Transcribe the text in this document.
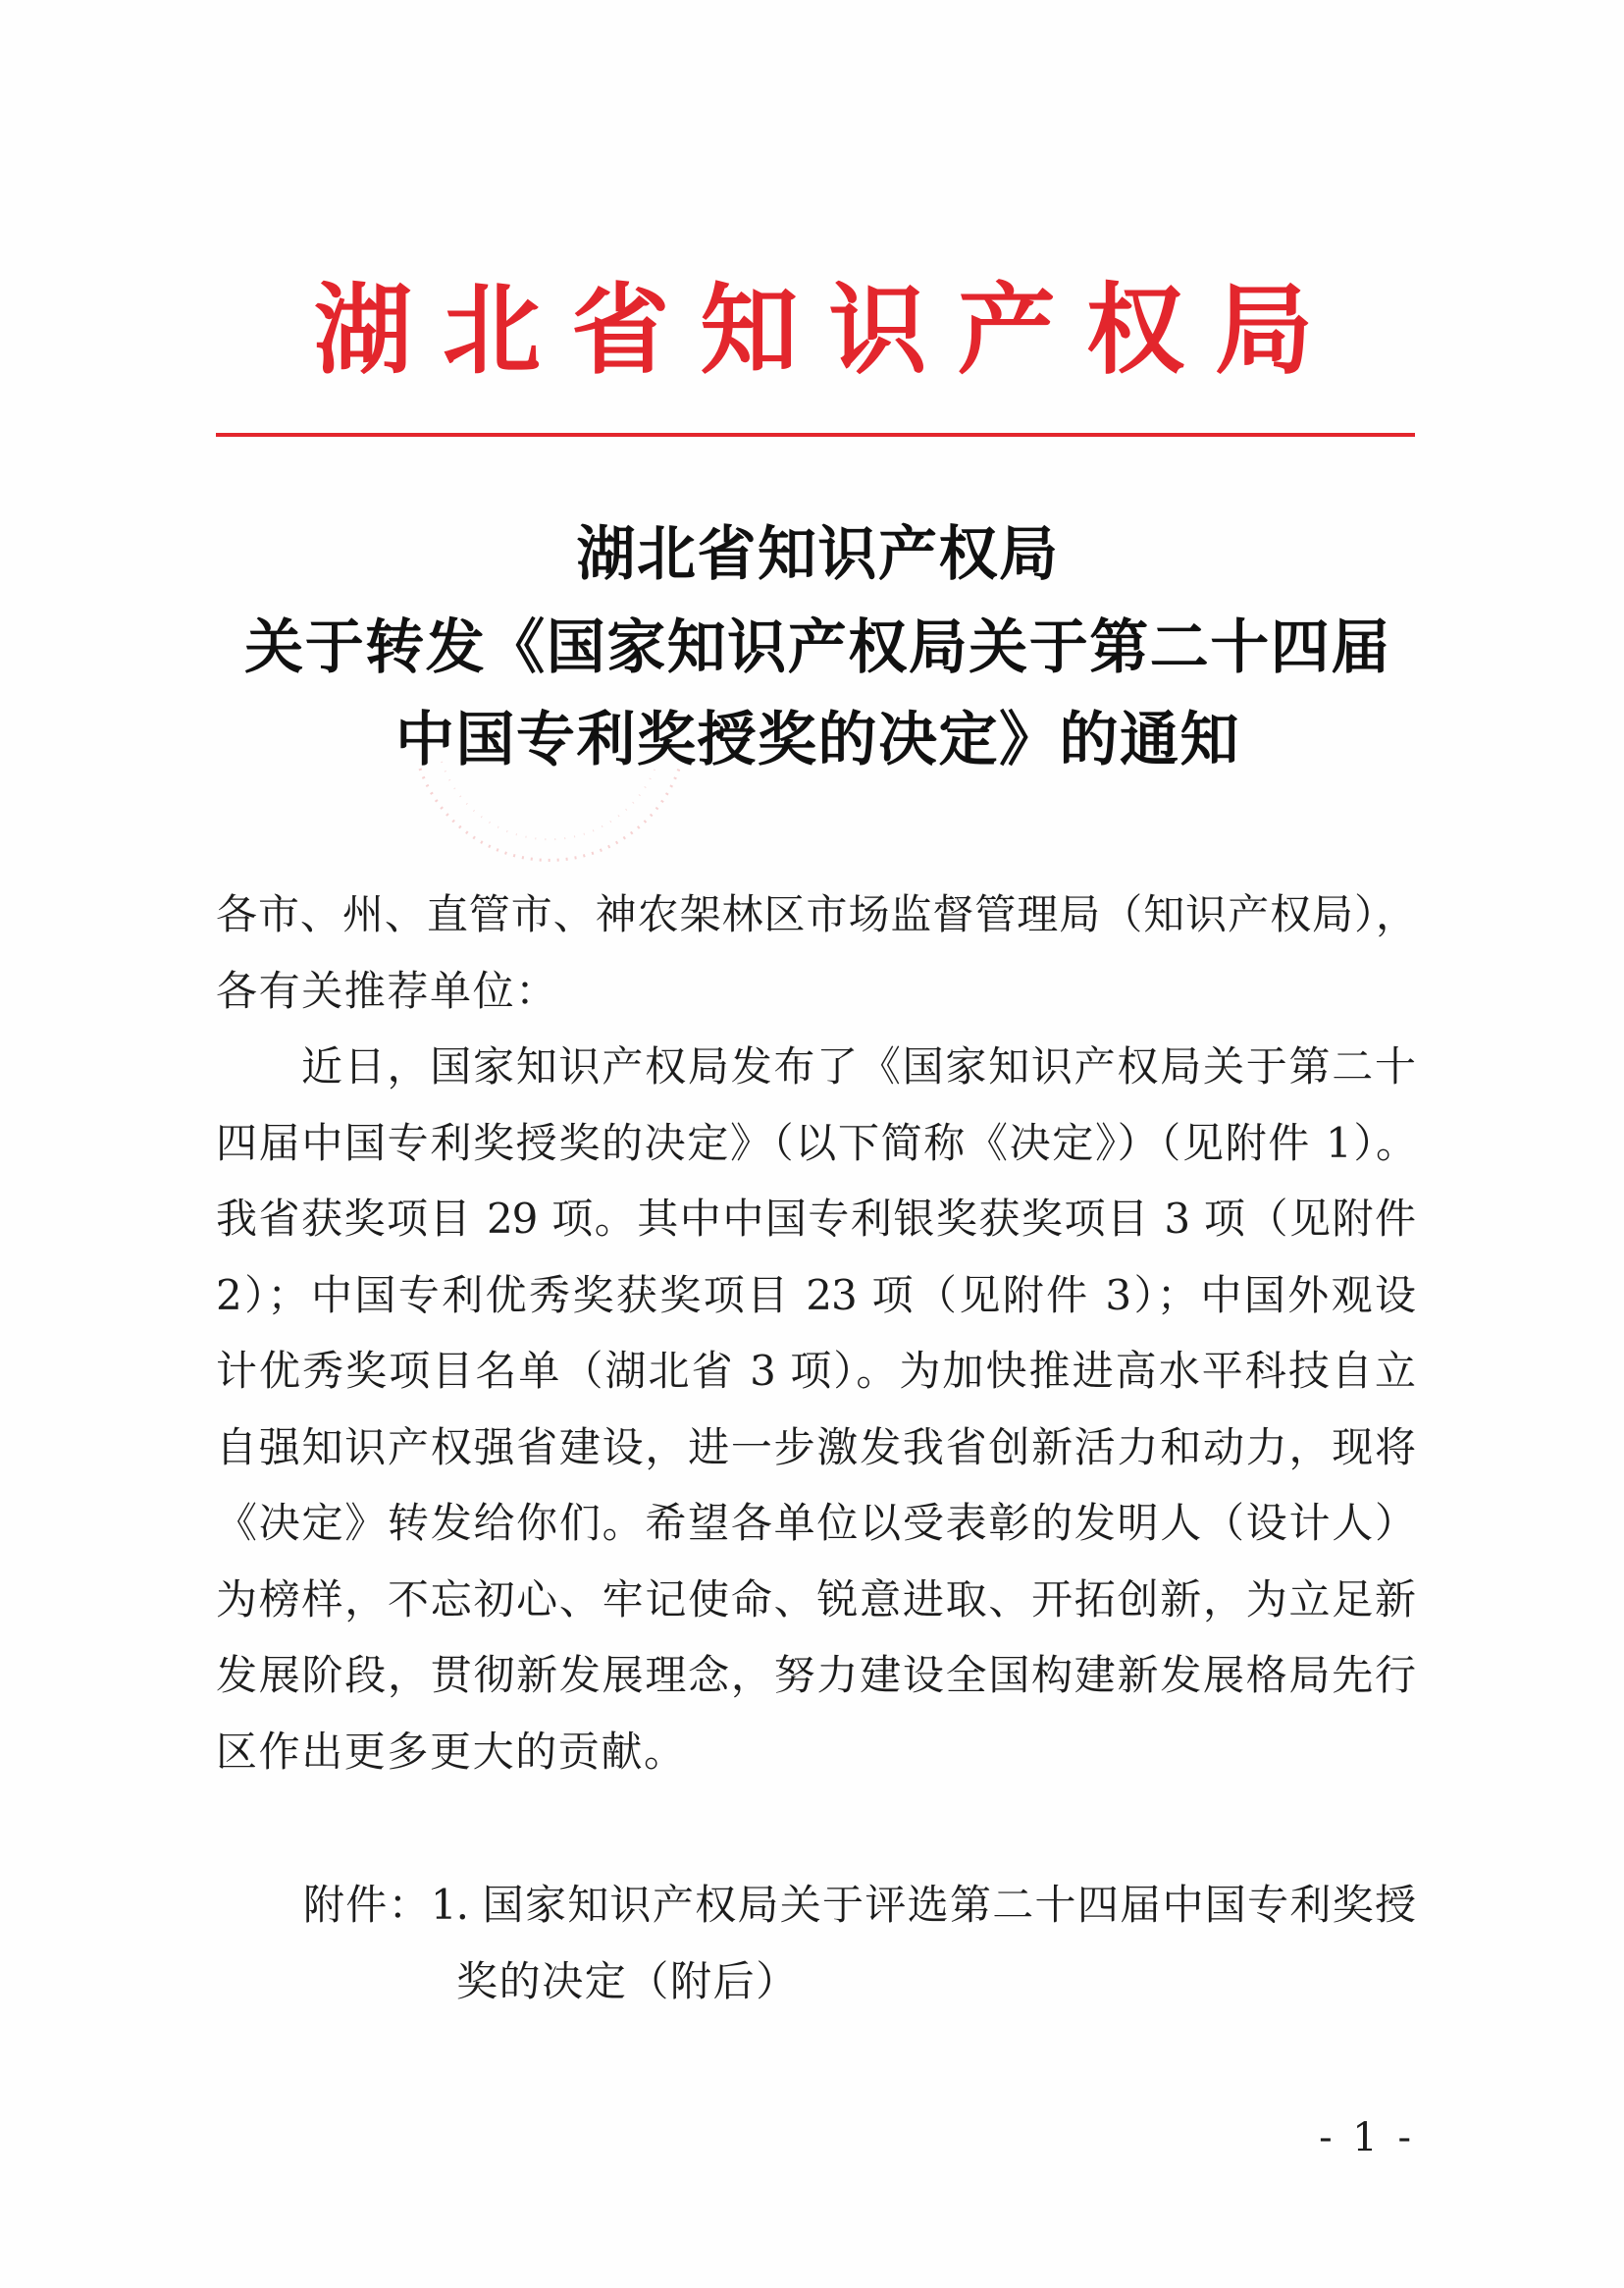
湖北省知识产权局
湖北省知识产权局
关于转发《国家知识产权局关于第二十四届
中国专利奖授奖的决定》的通知
各市、州、直管市、神农架林区市场监督管理局（知识产权局），
各有关推荐单位：
近日，国家知识产权局发布了《国家知识产权局关于第二十
四届中国专利奖授奖的决定》（以下简称《决定》）（见附件 1）。
我省获奖项目 29 项。其中中国专利银奖获奖项目 3 项（见附件
2）；中国专利优秀奖获奖项目 23 项（见附件 3）；中国外观设
计优秀奖项目名单（湖北省 3 项）。为加快推进高水平科技自立
自强知识产权强省建设，进一步激发我省创新活力和动力，现将
《决定》转发给你们。希望各单位以受表彰的发明人（设计人）
为榜样，不忘初心、牢记使命、锐意进取、开拓创新，为立足新
发展阶段，贯彻新发展理念，努力建设全国构建新发展格局先行
区作出更多更大的贡献。
附件：1. 国家知识产权局关于评选第二十四届中国专利奖授
奖的决定（附后）
- 1 -
